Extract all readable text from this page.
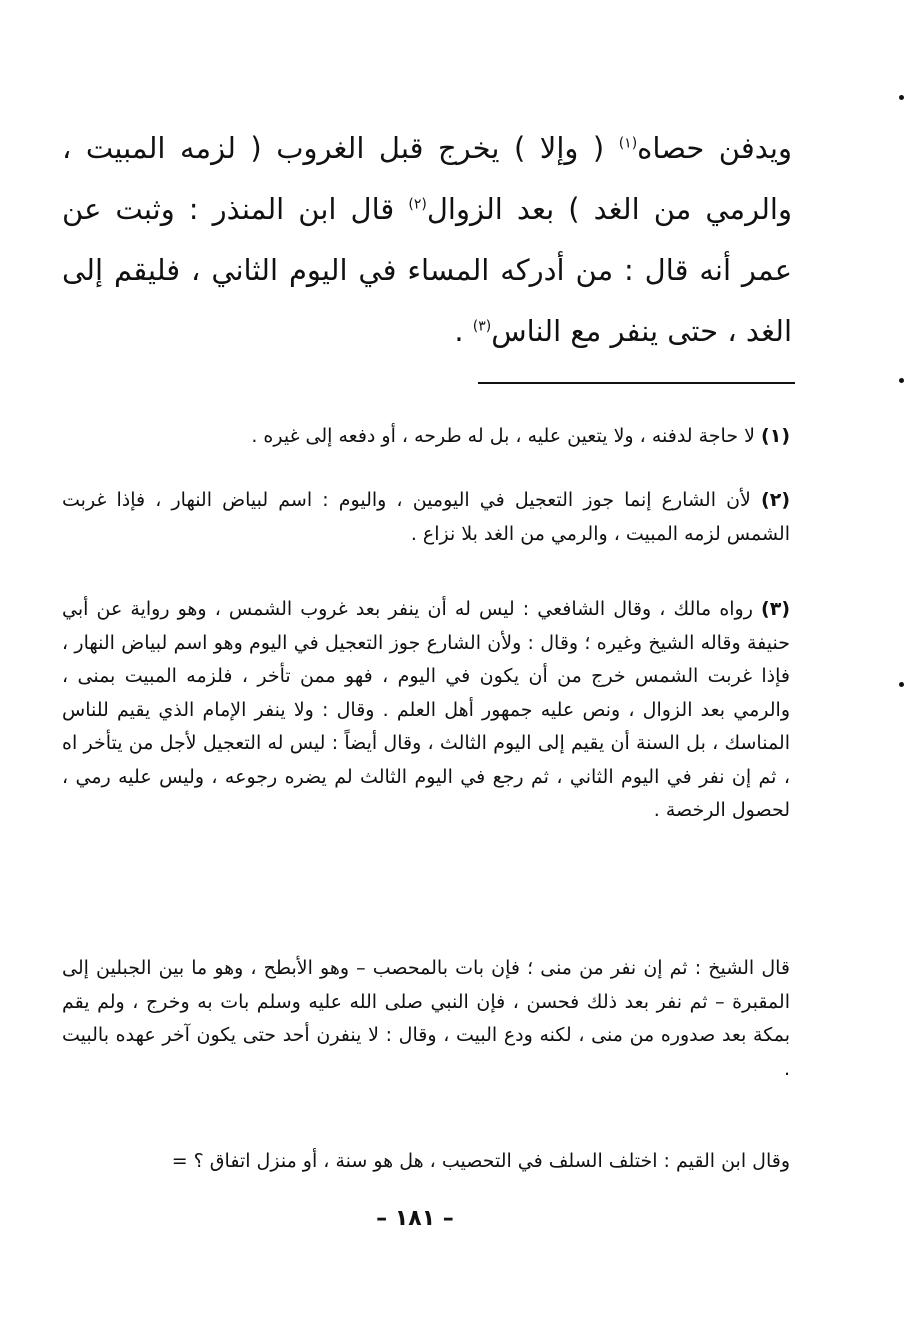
ويدفن حصاه$^{(١)}$ ( وإلا ) يخرج قبل الغروب ( لزمه المبيت ، والرمي من الغد ) بعد الزوال$^{(٢)}$ قال ابن المنذر : وثبت عن عمر أنه قال : من أدركه المساء في اليوم الثاني ، فليقم إلى الغد ، حتى ينفر مع الناس$^{(٣)}$ .

(١) لا حاجة لدفنه ، ولا يتعين عليه ، بل له طرحه ، أو دفعه إلى غيره .

(٢) لأن الشارع إنما جوز التعجيل في اليومين ، واليوم : اسم لبياض النهار ، فإذا غربت الشمس لزمه المبيت ، والرمي من الغد بلا نزاع .

(٣) رواه مالك ، وقال الشافعي : ليس له أن ينفر بعد غروب الشمس ، وهو رواية عن أبي حنيفة وقاله الشيخ وغيره ؛ وقال : ولأن الشارع جوز التعجيل في اليوم وهو اسم لبياض النهار ، فإذا غربت الشمس خرج من أن يكون في اليوم ، فهو ممن تأخر ، فلزمه المبيت بمنى ، والرمي بعد الزوال ، ونص عليه جمهور أهل العلم . وقال : ولا ينفر الإمام الذي يقيم للناس المناسك ، بل السنة أن يقيم إلى اليوم الثالث ، وقال أيضاً : ليس له التعجيل لأجل من يتأخر اه ، ثم إن نفر في اليوم الثاني ، ثم رجع في اليوم الثالث لم يضره رجوعه ، وليس عليه رمي ، لحصول الرخصة .

قال الشيخ : ثم إن نفر من منى ؛ فإن بات بالمحصب – وهو الأبطح ، وهو ما بين الجبلين إلى المقبرة – ثم نفر بعد ذلك فحسن ، فإن النبي صلى الله عليه وسلم بات به وخرج ، ولم يقم بمكة بعد صدوره من منى ، لكنه ودع البيت ، وقال : لا ينفرن أحد حتى يكون آخر عهده بالبيت .

وقال ابن القيم : اختلف السلف في التحصيب ، هل هو سنة ، أو منزل اتفاق ؟ =

– ١٨١ –
